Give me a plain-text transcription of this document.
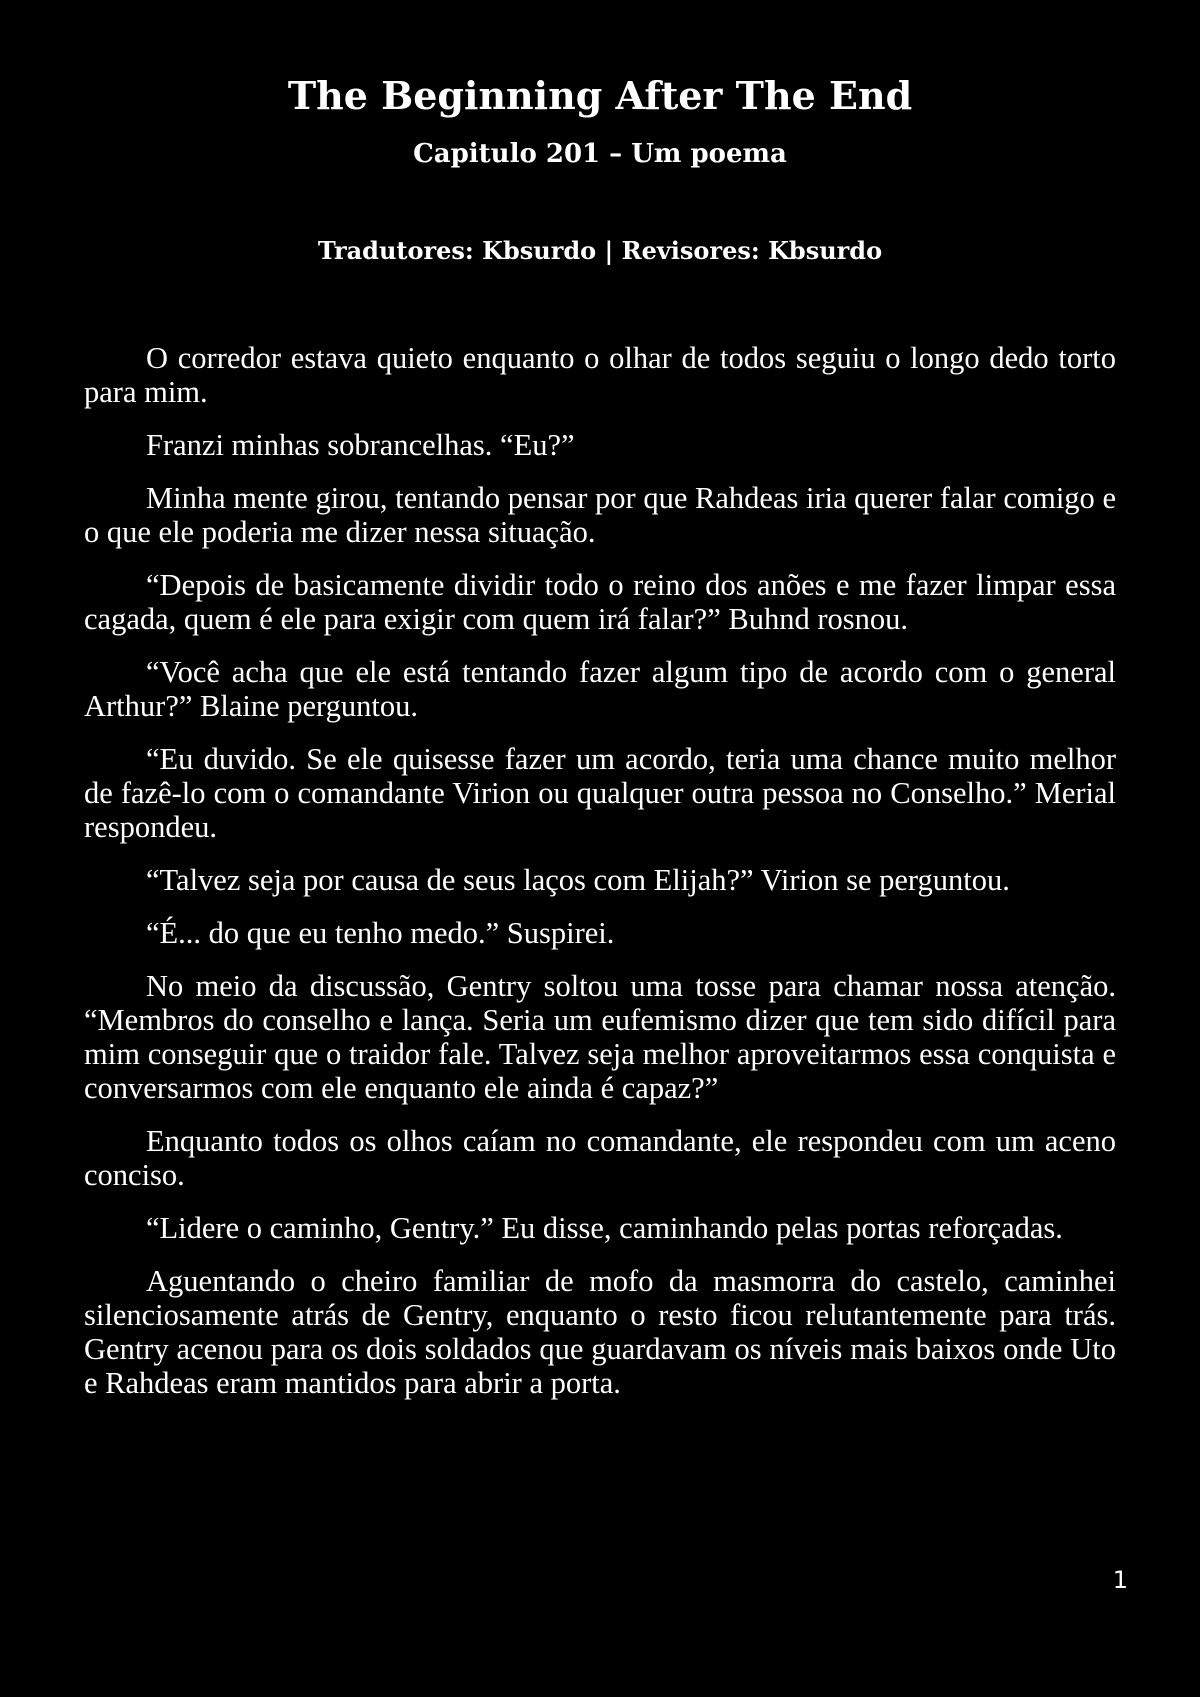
The Beginning After The End
Capitulo 201 – Um poema
Tradutores: Kbsurdo | Revisores: Kbsurdo

O corredor estava quieto enquanto o olhar de todos seguiu o longo dedo torto para mim.

Franzi minhas sobrancelhas. “Eu?”

Minha mente girou, tentando pensar por que Rahdeas iria querer falar comigo e o que ele poderia me dizer nessa situação.

“Depois de basicamente dividir todo o reino dos anões e me fazer limpar essa cagada, quem é ele para exigir com quem irá falar?” Buhnd rosnou.

“Você acha que ele está tentando fazer algum tipo de acordo com o general Arthur?” Blaine perguntou.

“Eu duvido. Se ele quisesse fazer um acordo, teria uma chance muito melhor de fazê-lo com o comandante Virion ou qualquer outra pessoa no Conselho.” Merial respondeu.

“Talvez seja por causa de seus laços com Elijah?” Virion se perguntou.

“É... do que eu tenho medo.” Suspirei.

No meio da discussão, Gentry soltou uma tosse para chamar nossa atenção. “Membros do conselho e lança. Seria um eufemismo dizer que tem sido difícil para mim conseguir que o traidor fale. Talvez seja melhor aproveitarmos essa conquista e conversarmos com ele enquanto ele ainda é capaz?”

Enquanto todos os olhos caíam no comandante, ele respondeu com um aceno conciso.

“Lidere o caminho, Gentry.” Eu disse, caminhando pelas portas reforçadas.

Aguentando o cheiro familiar de mofo da masmorra do castelo, caminhei silenciosamente atrás de Gentry, enquanto o resto ficou relutantemente para trás. Gentry acenou para os dois soldados que guardavam os níveis mais baixos onde Uto e Rahdeas eram mantidos para abrir a porta.

1
